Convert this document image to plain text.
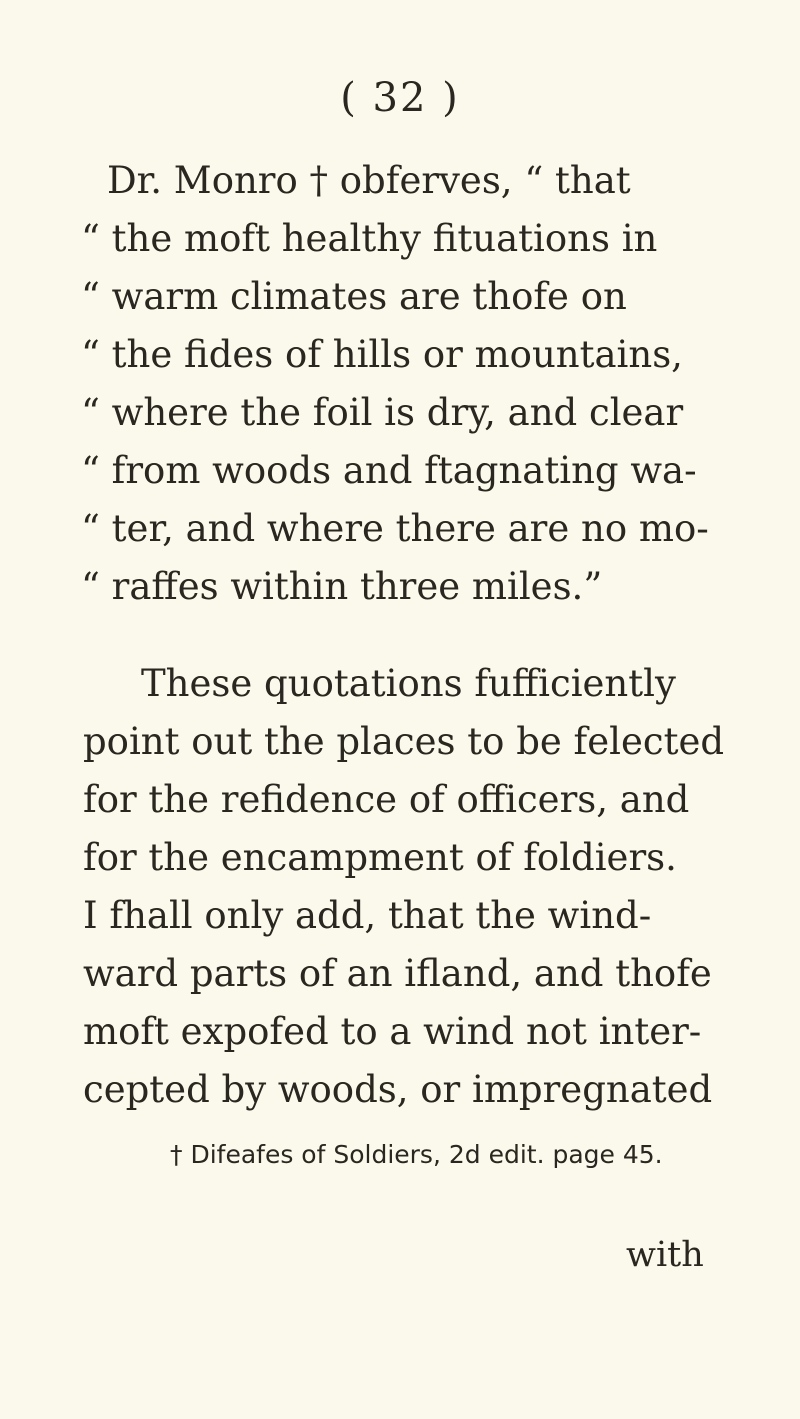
( 32 )
Dr. Monro † obferves, “ that
“ the moft healthy fituations in
“ warm climates are thofe on
“ the fides of hills or mountains,
“ where the foil is dry, and clear
“ from woods and ftagnating wa-
“ ter, and where there are no mo-
“ raffes within three miles.”
These quotations fufficiently
point out the places to be felected
for the refidence of officers, and
for the encampment of foldiers.
I fhall only add, that the wind-
ward parts of an ifland, and thofe
moft expofed to a wind not inter-
cepted by woods, or impregnated
† Difeafes of Soldiers, 2d edit. page 45.
with
